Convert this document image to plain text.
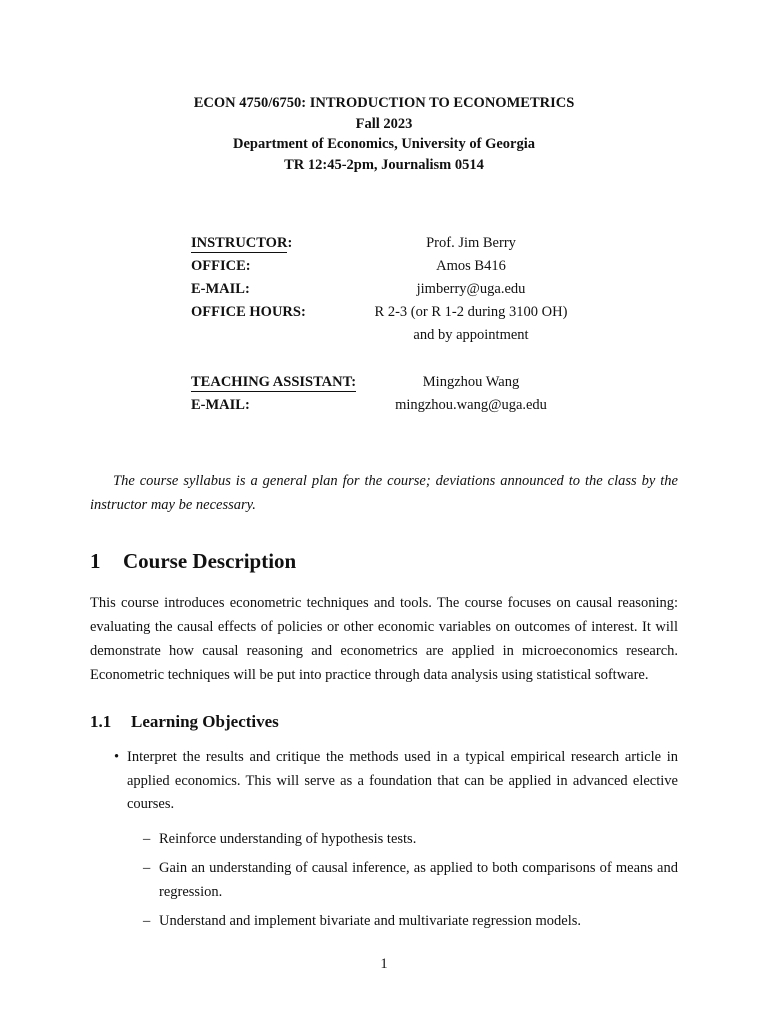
ECON 4750/6750: INTRODUCTION TO ECONOMETRICS
Fall 2023
Department of Economics, University of Georgia
TR 12:45-2pm, Journalism 0514
INSTRUCTOR:	Prof. Jim Berry
OFFICE:	Amos B416
E-MAIL:	jimberry@uga.edu
OFFICE HOURS:	R 2-3 (or R 1-2 during 3100 OH)
and by appointment
TEACHING ASSISTANT:	Mingzhou Wang
E-MAIL:	mingzhou.wang@uga.edu
The course syllabus is a general plan for the course; deviations announced to the class by the instructor may be necessary.
1 Course Description
This course introduces econometric techniques and tools. The course focuses on causal reasoning: evaluating the causal effects of policies or other economic variables on outcomes of interest. It will demonstrate how causal reasoning and econometrics are applied in microeconomics research. Econometric techniques will be put into practice through data analysis using statistical software.
1.1 Learning Objectives
• Interpret the results and critique the methods used in a typical empirical research article in applied economics. This will serve as a foundation that can be applied in advanced elective courses.
– Reinforce understanding of hypothesis tests.
– Gain an understanding of causal inference, as applied to both comparisons of means and regression.
– Understand and implement bivariate and multivariate regression models.
1
